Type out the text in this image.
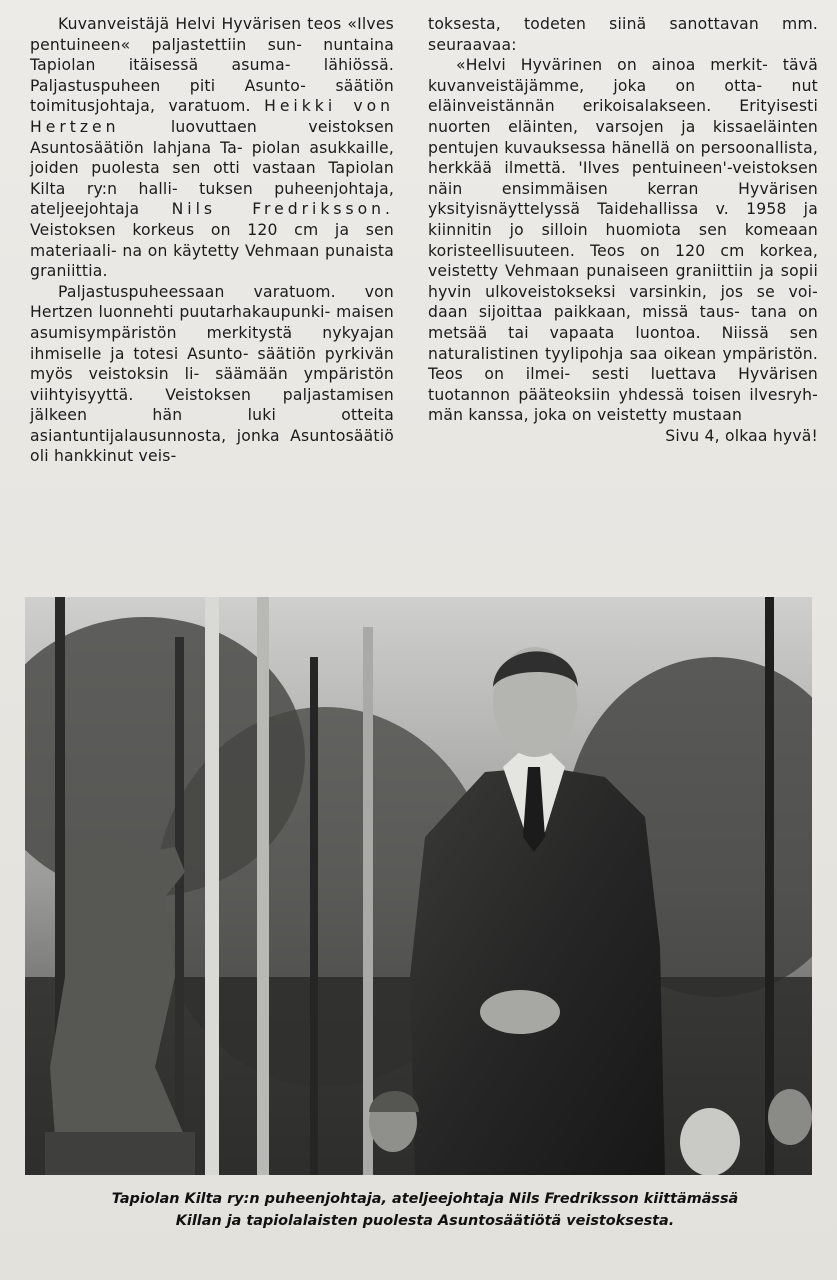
Kuvanveistäjä Helvi Hyvärisen teos «Ilves pentuineen« paljastettiin sun- nuntaina Tapiolan itäisessä asuma- lähiössä. Paljastuspuheen piti Asunto- säätiön toimitusjohtaja, varatuom. Heikki von Hertzen luovuttaen	veistoksen Asuntosäätiön lahjana Ta- piolan asukkaille, joiden puolesta sen otti vastaan Tapiolan Kilta ry:n halli- tuksen puheenjohtaja, ateljeejohtaja Nils Fredriksson. Veistoksen korkeus on 120 cm ja sen materiaali- na on käytetty Vehmaan punaista graniittia.

Paljastuspuheessaan varatuom. von Hertzen luonnehti puutarhakaupunki- maisen asumisympäristön merkitystä nykyajan ihmiselle ja totesi Asunto- säätiön pyrkivän myös veistoksin li- säämään ympäristön viihtyisyyttä. Veistoksen paljastamisen jälkeen hän	luki otteita asiantuntijalausunnosta, jonka Asuntosäätiö oli hankkinut veis-

toksesta, todeten siinä sanottavan mm. seuraavaa:

«Helvi Hyvärinen on ainoa merkit- tävä kuvanveistäjämme, joka on otta- nut eläinveistännän erikoisalakseen. Erityisesti nuorten eläinten, varsojen ja kissaeläinten pentujen kuvauksessa hänellä on persoonallista, herkkää ilmettä. 'Ilves pentuineen'-veistoksen näin ensimmäisen kerran Hyvärisen yksityisnäyttelyssä Taidehallissa v. 1958 ja kiinnitin jo silloin huomiota sen komeaan koristeellisuuteen. Teos on 120 cm korkea, veistetty Vehmaan punaiseen graniittiin ja sopii hyvin ulkoveistokseksi varsinkin, jos se voi- daan sijoittaa paikkaan, missä taus- tana on metsää tai vapaata luontoa. Niissä sen naturalistinen tyylipohja saa oikean ympäristön. Teos on ilmei- sesti luettava Hyvärisen tuotannon pääteoksiin yhdessä toisen ilvesryh- män kanssa, joka on veistetty mustaan

Sivu 4, olkaa hyvä!

Tapiolan Kilta ry:n puheenjohtaja, ateljeejohtaja Nils Fredriksson kiittämässä

Killan ja tapiolalaisten puolesta Asuntosäätiötä veistoksesta.
